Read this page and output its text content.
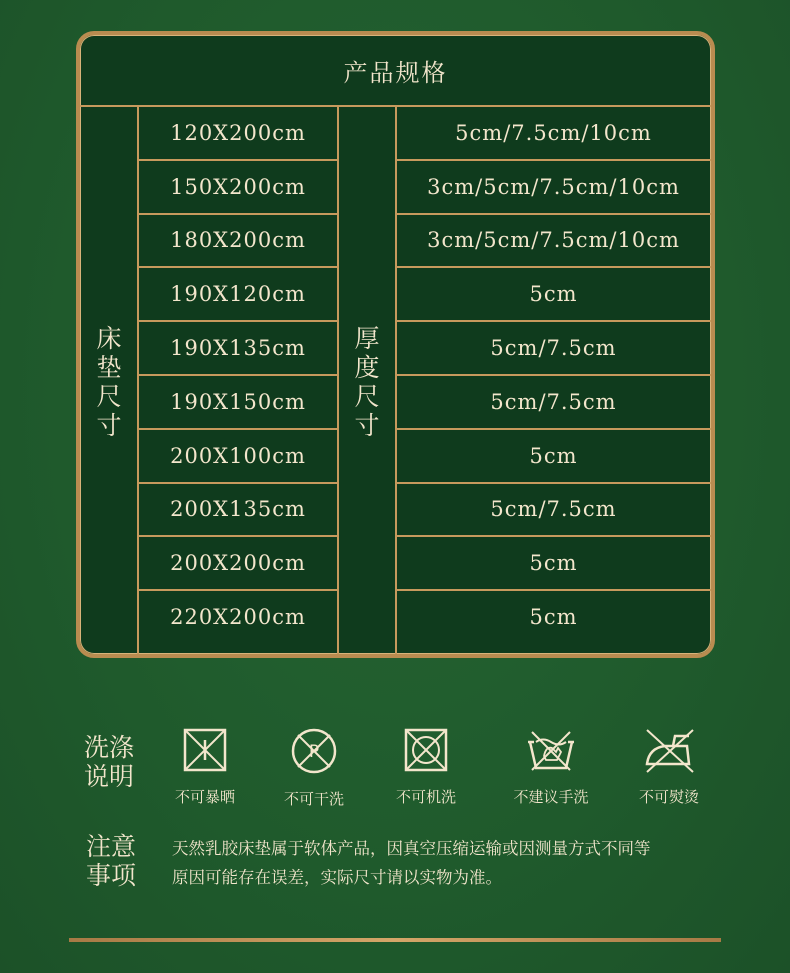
产品规格
床
垫
尺
寸
厚
度
尺
寸
120X200cm	5cm/7.5cm/10cm
150X200cm	3cm/5cm/7.5cm/10cm
180X200cm	3cm/5cm/7.5cm/10cm
190X120cm	5cm
190X135cm	5cm/7.5cm
190X150cm	5cm/7.5cm
200X100cm	5cm
200X135cm	5cm/7.5cm
200X200cm	5cm
220X200cm	5cm
洗涤
说明
不可暴晒
P
不可干洗	不可机洗	不建议手洗	不可熨烫
注意
事项
天然乳胶床垫属于软体产品，因真空压缩运输或因测量方式不同等
原因可能存在误差，实际尺寸请以实物为准。
